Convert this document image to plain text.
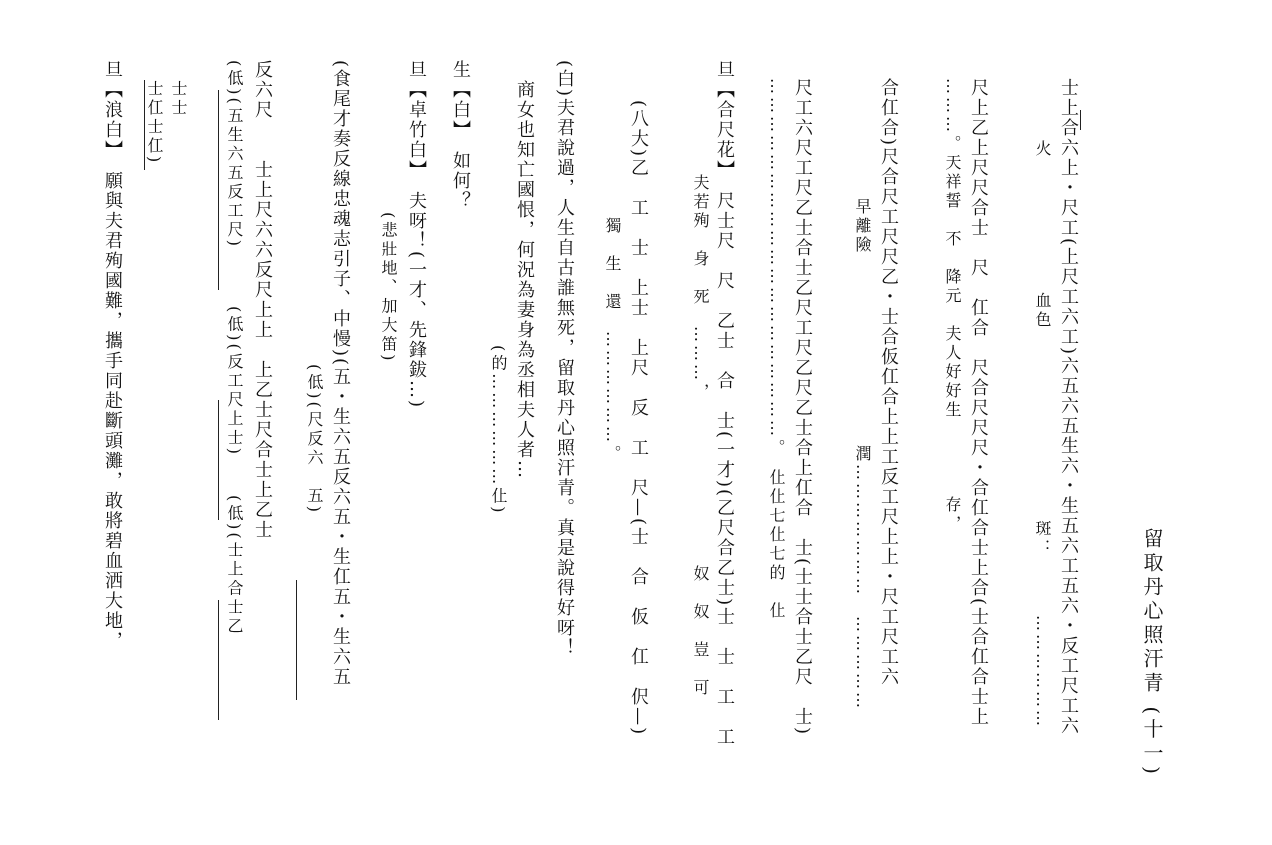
留取丹心照汗青 (十一)
士上合六上・尺工(上尺工六工)六五六五生六・生五六工五六・反工尺工六
火　　　　　　　血色　　　　　　　　　　斑：　　　………………
尺上乙上尺尺合士　尺　仜合　尺合尺尺尺・合仜合士上合(士合仜合士上
………。天祥誓　不　降元　夫人好好生　　　　存，
合仜合)尺合尺工尺尺乙・士合仮仜合上上工反工尺上上・尺工尺工六
　　早離險　　　　　　　　　　潤…………………　……………
尺工六尺工尺乙士合士乙尺工尺乙尺乙士合上仜合　士(士士合士乙尺　士)
…………………………………………………。　仩仩七仩七的　仩
旦【合尺花】　尺士尺　尺　乙士　合　士(一才)(乙尺合乙士)士　士　工　工
　　　　　　夫若殉　身　死　………，　　　　　　　　　奴　奴　豈　可
(八大)乙　工　士　上士　上尺　反　工　尺—(士　合　仮　仜　伬—)
　　　獨　生　還　………………。
(白)夫君說過，人生自古誰無死，留取丹心照汗青。真是說得好呀！
　商女也知亡國恨，何況為妻身為丞相夫人者…
　　　　　　　　　　　　　　　(的………………仩)
生【白】　如何？
旦【卓竹白】　夫呀！(一才、先鋒鈸…)
　　　　　　　　(悲壯地、加大笛)
(食尾才奏反線忠魂志引子、中慢)(五・生六五反六五・生仜五・生六五
　　　　　　　　　　　　　　　　(低)(尺反六　五)
反六尺　　士上尺六六反尺上上　上乙士尺合士上乙士
(低)(五生六五反工尺)　　　(低)(反工尺上士)　　(低)(士上合士乙
士士　　
士仜士仜)
旦【浪白】　願與夫君殉國難，攜手同赴斷頭灘，敢將碧血洒大地，
